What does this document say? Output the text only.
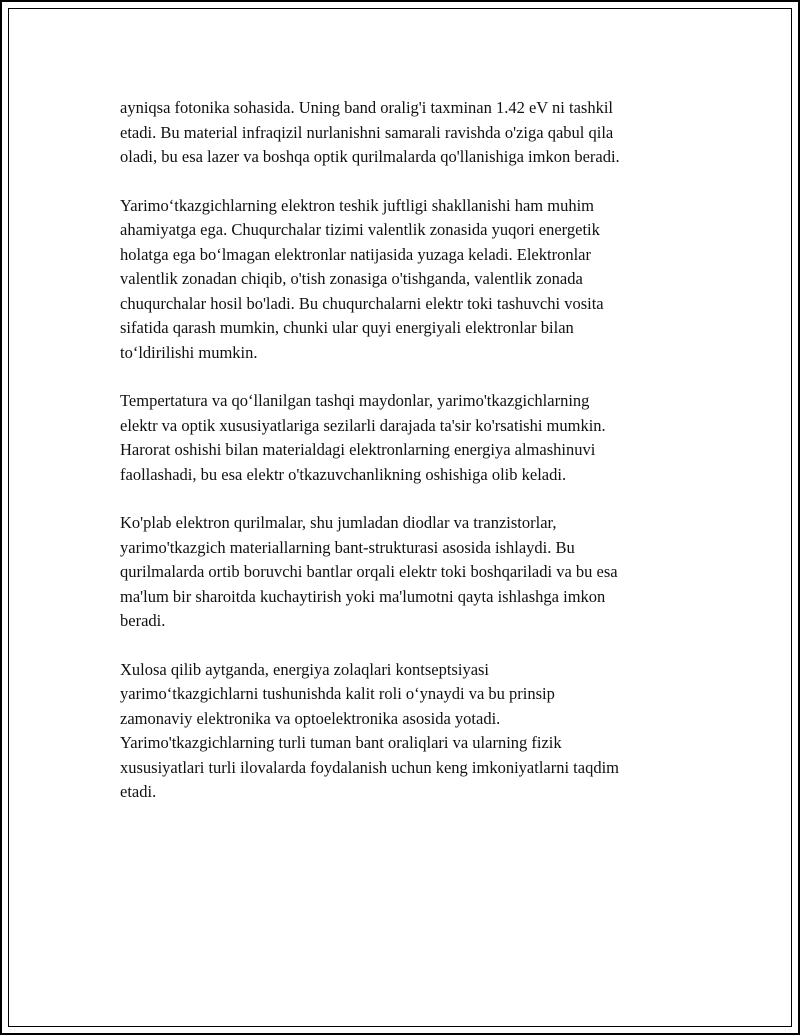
ayniqsa fotonika sohasida. Uning band oralig'i taxminan 1.42 eV ni tashkil
etadi. Bu material infraqizil nurlanishni samarali ravishda o'ziga qabul qila
oladi, bu esa lazer va boshqa optik qurilmalarda qo'llanishiga imkon beradi.

Yarimo‘tkazgichlarning elektron teshik juftligi shakllanishi ham muhim
ahamiyatga ega. Chuqurchalar tizimi valentlik zonasida yuqori energetik
holatga ega bo‘lmagan elektronlar natijasida yuzaga keladi. Elektronlar
valentlik zonadan chiqib, o'tish zonasiga o'tishganda, valentlik zonada
chuqurchalar hosil bo'ladi. Bu chuqurchalarni elektr toki tashuvchi vosita
sifatida qarash mumkin, chunki ular quyi energiyali elektronlar bilan
to‘ldirilishi mumkin.

Tempertatura va qo‘llanilgan tashqi maydonlar, yarimo'tkazgichlarning
elektr va optik xususiyatlariga sezilarli darajada ta'sir ko'rsatishi mumkin.
Harorat oshishi bilan materialdagi elektronlarning energiya almashinuvi
faollashadi, bu esa elektr o'tkazuvchanlikning oshishiga olib keladi.

Ko'plab elektron qurilmalar, shu jumladan diodlar va tranzistorlar,
yarimo'tkazgich materiallarning bant-strukturasi asosida ishlaydi. Bu
qurilmalarda ortib boruvchi bantlar orqali elektr toki boshqariladi va bu esa
ma'lum bir sharoitda kuchaytirish yoki ma'lumotni qayta ishlashga imkon
beradi.

Xulosa qilib aytganda, energiya zolaqlari kontseptsiyasi
yarimo‘tkazgichlarni tushunishda kalit roli o‘ynaydi va bu prinsip
zamonaviy elektronika va optoelektronika asosida yotadi.
Yarimo'tkazgichlarning turli tuman bant oraliqlari va ularning fizik
xususiyatlari turli ilovalarda foydalanish uchun keng imkoniyatlarni taqdim
etadi.
